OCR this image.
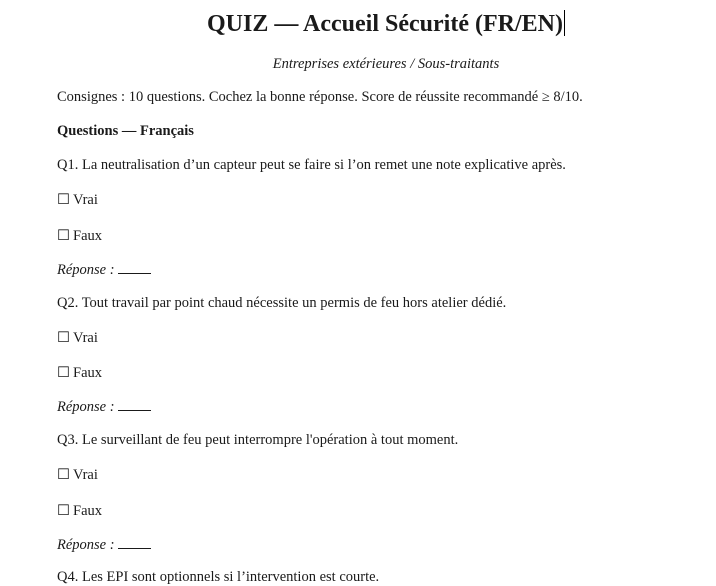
QUIZ — Accueil Sécurité (FR/EN)
Entreprises extérieures / Sous-traitants
Consignes : 10 questions. Cochez la bonne réponse. Score de réussite recommandé ≥ 8/10.
Questions — Français
Q1. La neutralisation d’un capteur peut se faire si l’on remet une note explicative après.
☐ Vrai
☐ Faux
Réponse :
Q2. Tout travail par point chaud nécessite un permis de feu hors atelier dédié.
☐ Vrai
☐ Faux
Réponse :
Q3. Le surveillant de feu peut interrompre l'opération à tout moment.
☐ Vrai
☐ Faux
Réponse :
Q4. Les EPI sont optionnels si l’intervention est courte.
